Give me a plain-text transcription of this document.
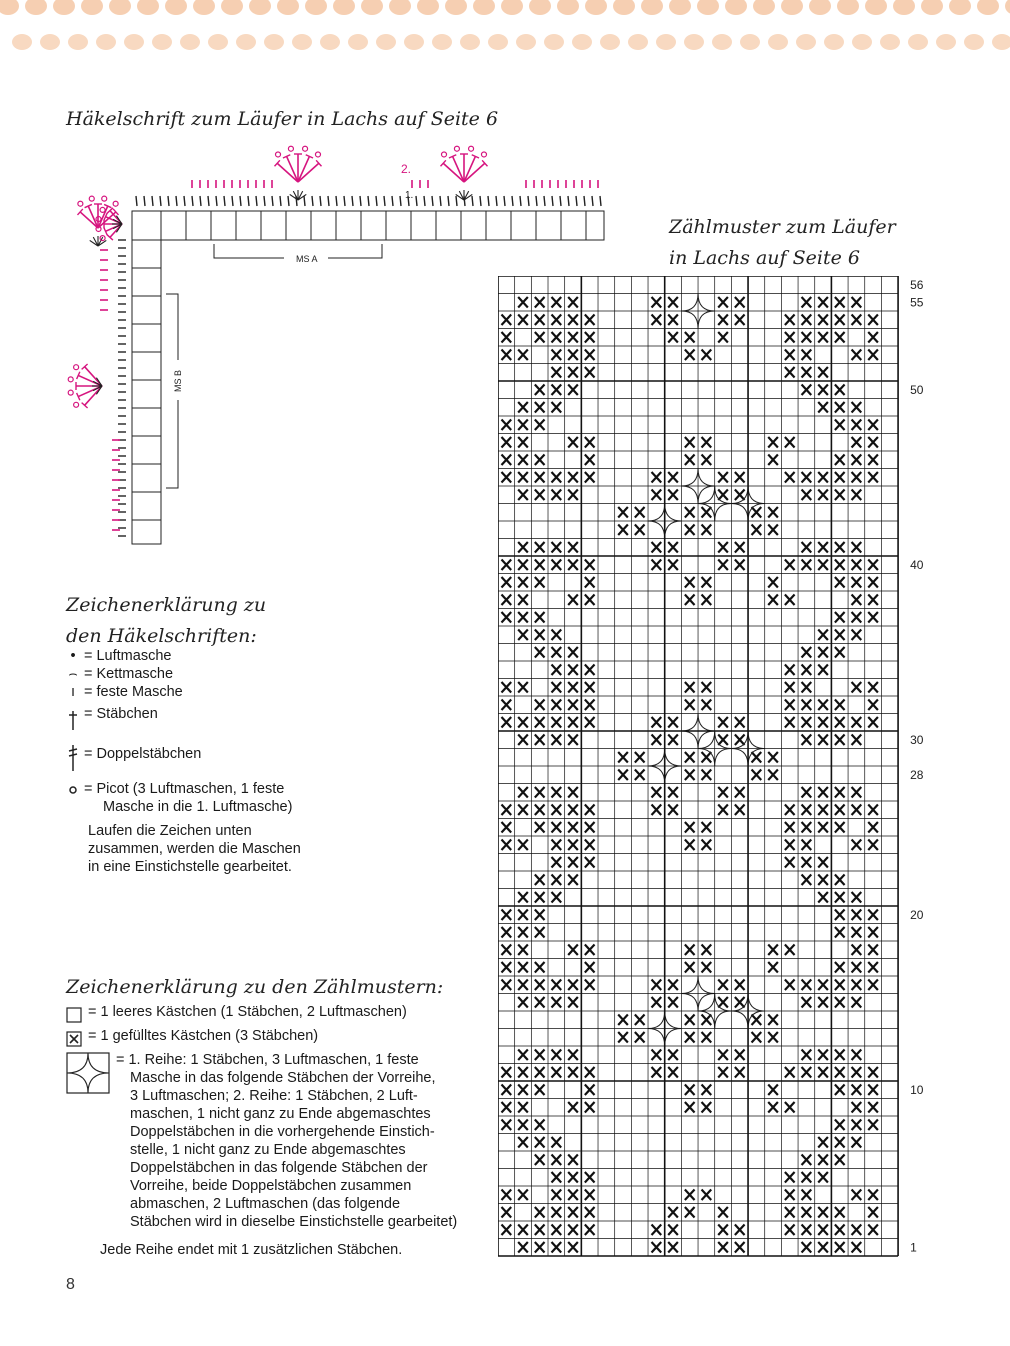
Häkelschrift zum Läufer in Lachs auf Seite 6
Zählmuster zum Läufer
in Lachs auf Seite 6
MS A
MS B
2.
1.
Zeichenerklärung zu
den Häkelschriften:
• = Luftmasche
⌢ = Kettmasche
ı = feste Masche
= Stäbchen
= Doppelstäbchen
= Picot (3 Luftmaschen, 1 feste
Masche in die 1. Luftmasche)
Laufen die Zeichen unten
zusammen, werden die Maschen
in eine Einstichstelle gearbeitet.
Zeichenerklärung zu den Zählmustern:
= 1 leeres Kästchen (1 Stäbchen, 2 Luftmaschen)
= 1 gefülltes Kästchen (3 Stäbchen)
= 1. Reihe: 1 Stäbchen, 3 Luftmaschen, 1 feste
Masche in das folgende Stäbchen der Vorreihe,
3 Luftmaschen; 2. Reihe: 1 Stäbchen, 2 Luft-
maschen, 1 nicht ganz zu Ende abgemaschtes
Doppelstäbchen in die vorhergehende Einstich-
stelle, 1 nicht ganz zu Ende abgemaschtes
Doppelstäbchen in das folgende Stäbchen der
Vorreihe, beide Doppelstäbchen zusammen
abmaschen, 2 Luftmaschen (das folgende
Stäbchen wird in dieselbe Einstichstelle gearbeitet)
Jede Reihe endet mit 1 zusätzlichen Stäbchen.
56
55
50
40
30
28
20
10
1
8
